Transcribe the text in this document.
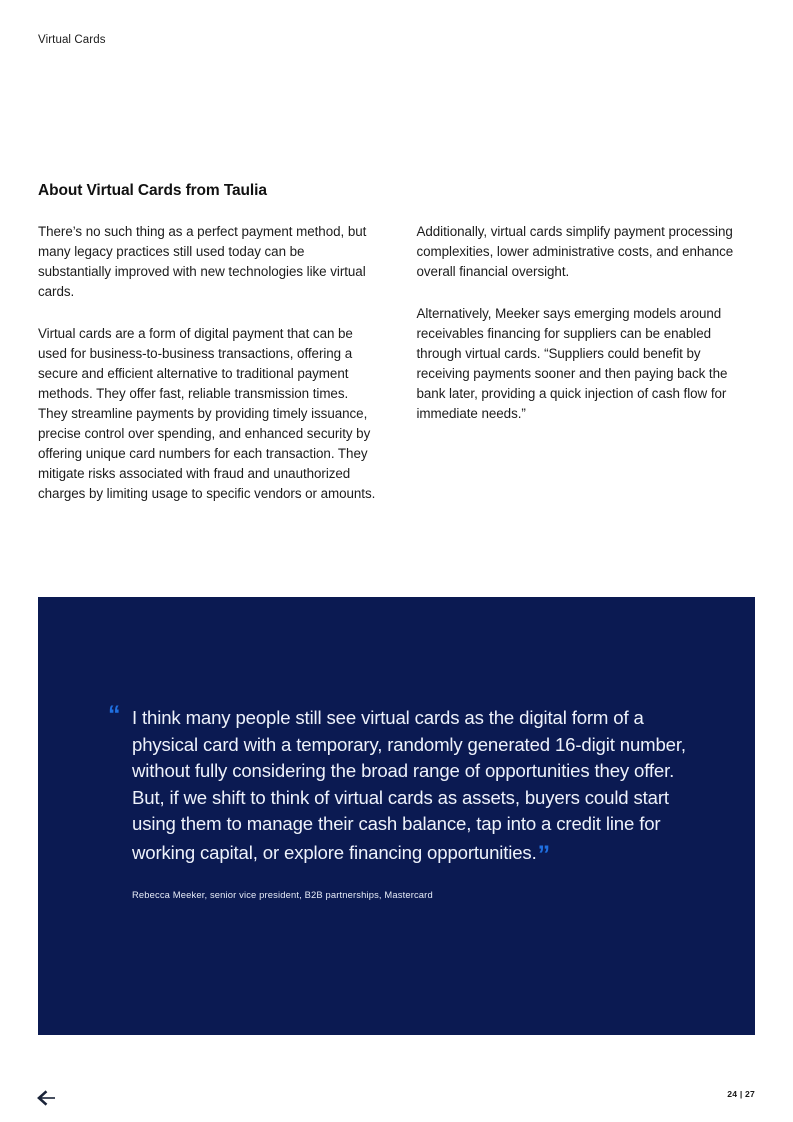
Virtual Cards
About Virtual Cards from Taulia

There’s no such thing as a perfect payment method, but many legacy practices still used today can be substantially improved with new technologies like virtual cards.

Virtual cards are a form of digital payment that can be used for business-to-business transactions, offering a secure and efficient alternative to traditional payment methods. They offer fast, reliable transmission times. They streamline payments by providing timely issuance, precise control over spending, and enhanced security by offering unique card numbers for each transaction. They mitigate risks associated with fraud and unauthorized charges by limiting usage to specific vendors or amounts.

Additionally, virtual cards simplify payment processing complexities, lower administrative costs, and enhance overall financial oversight.

Alternatively, Meeker says emerging models around receivables financing for suppliers can be enabled through virtual cards. “Suppliers could benefit by receiving payments sooner and then paying back the bank later, providing a quick injection of cash flow for immediate needs.”

“ I think many people still see virtual cards as the digital form of a physical card with a temporary, randomly generated 16-digit number, without fully considering the broad range of opportunities they offer. But, if we shift to think of virtual cards as assets, buyers could start using them to manage their cash balance, tap into a credit line for working capital, or explore financing opportunities.”
Rebecca Meeker, senior vice president, B2B partnerships, Mastercard
24 | 27
